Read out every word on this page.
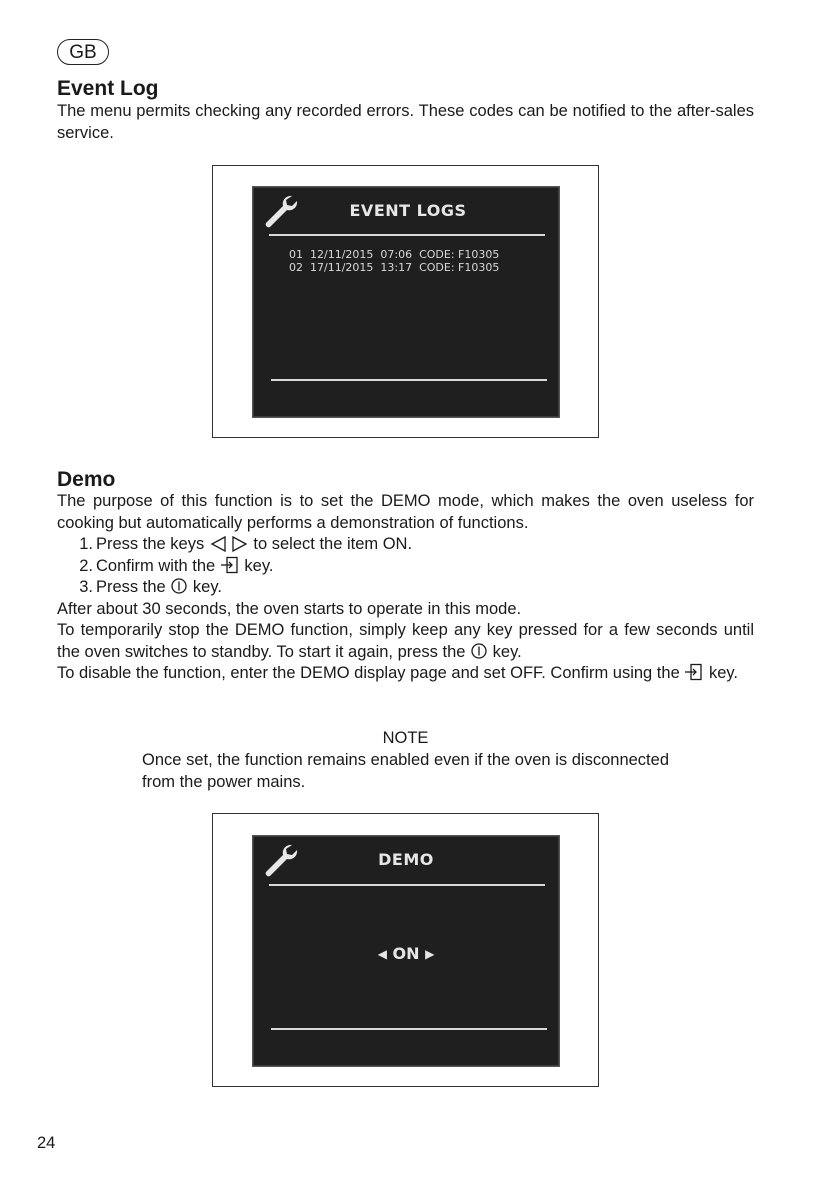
GB
Event Log
The menu permits checking any recorded errors. These codes can be notified to the after-sales service.
EVENT LOGS
01  12/11/2015  07:06  CODE: F10305
02  17/11/2015  13:17  CODE: F10305
Demo

The purpose of this function is to set the DEMO mode, which makes the oven useless for cooking but automatically performs a demonstration of functions.

1. Press the keys	to select the item ON.
2. Confirm with the key.
3. Press the key.

After about 30 seconds, the oven starts to operate in this mode.

To temporarily stop the DEMO function, simply keep any key pressed for a few seconds until the oven switches to standby. To start it again, press the key.

To disable the function, enter the DEMO display page and set OFF. Confirm using the key.

NOTE
Once set, the function remains enabled even if the oven is disconnected from the power mains.
DEMO
◀ ON ▶
24
